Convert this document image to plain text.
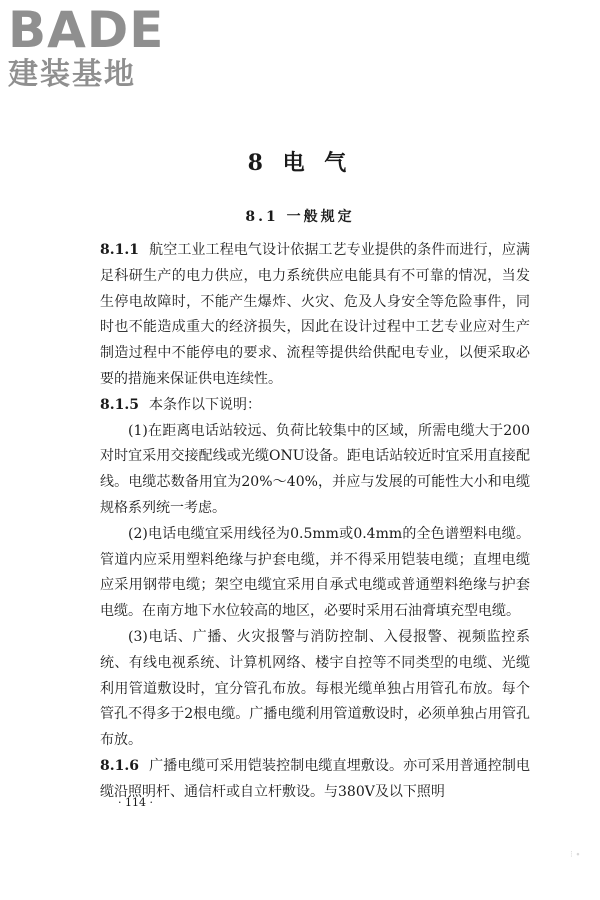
BADE
建装基地
8 电 气
8.1 一般规定

8.1.1 航空工业工程电气设计依据工艺专业提供的条件而进行，应满足科研生产的电力供应，电力系统供应电能具有不可靠的情况，当发生停电故障时，不能产生爆炸、火灾、危及人身安全等危险事件，同时也不能造成重大的经济损失，因此在设计过程中工艺专业应对生产制造过程中不能停电的要求、流程等提供给供配电专业，以便采取必要的措施来保证供电连续性。

8.1.5 本条作以下说明：

(1)在距离电话站较远、负荷比较集中的区域，所需电缆大于200对时宜采用交接配线或光缆ONU设备。距电话站较近时宜采用直接配线。电缆芯数备用宜为20%～40%，并应与发展的可能性大小和电缆规格系列统一考虑。

(2)电话电缆宜采用线径为0.5mm或0.4mm的全色谱塑料电缆。管道内应采用塑料绝缘与护套电缆，并不得采用铠装电缆；直埋电缆应采用钢带电缆；架空电缆宜采用自承式电缆或普通塑料绝缘与护套电缆。在南方地下水位较高的地区，必要时采用石油膏填充型电缆。

(3)电话、广播、火灾报警与消防控制、入侵报警、视频监控系统、有线电视系统、计算机网络、楼宇自控等不同类型的电缆、光缆利用管道敷设时，宜分管孔布放。每根光缆单独占用管孔布放。每个管孔不得多于2根电缆。广播电缆利用管道敷设时，必须单独占用管孔布放。

8.1.6 广播电缆可采用铠装控制电缆直埋敷设。亦可采用普通控制电缆沿照明杆、通信杆或自立杆敷设。与380V及以下照明

· 114 ·
⁝ ∙
